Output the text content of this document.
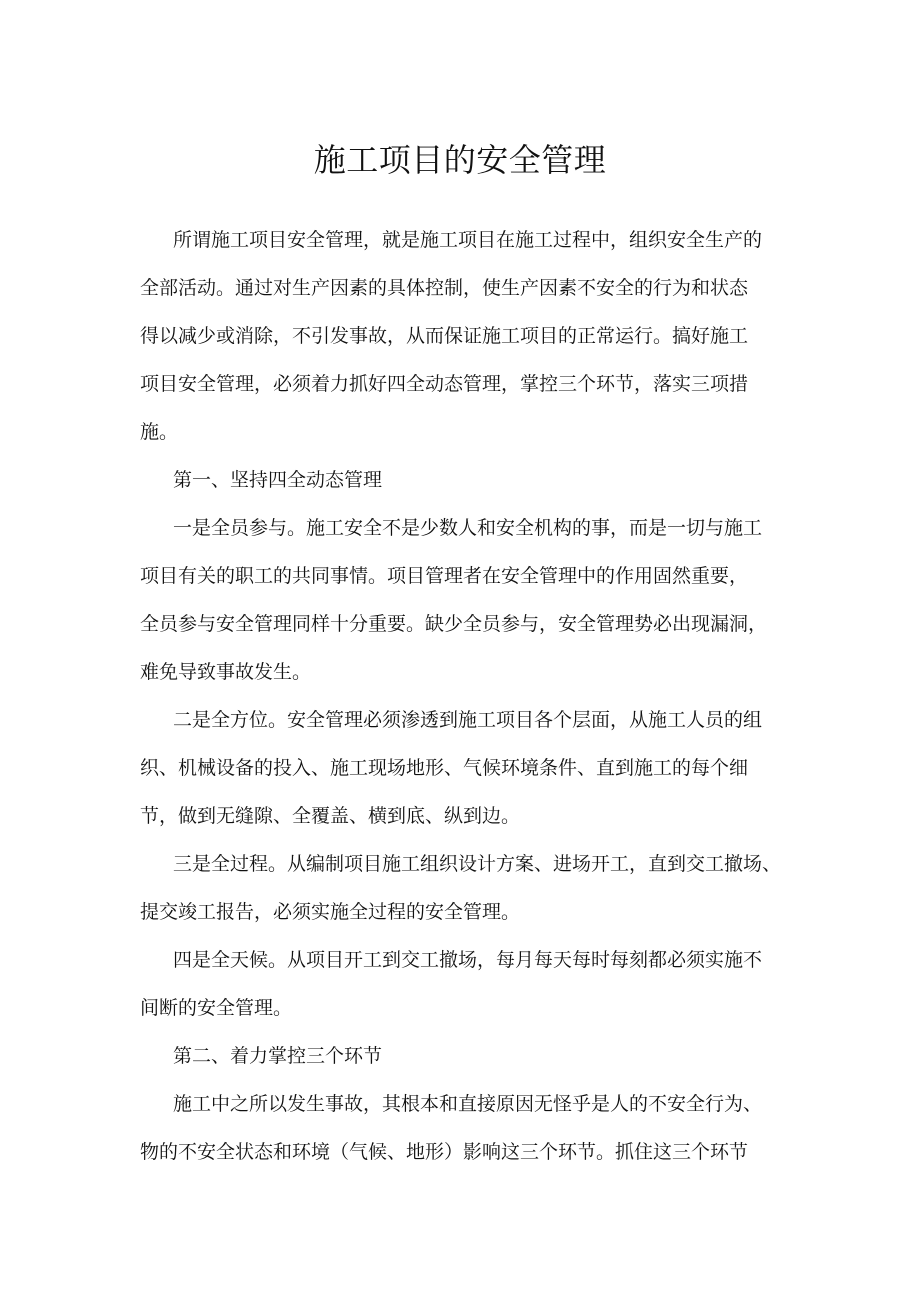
施工项目的安全管理

所谓施工项目安全管理，就是施工项目在施工过程中，组织安全生产的
全部活动。通过对生产因素的具体控制，使生产因素不安全的行为和状态
得以减少或消除，不引发事故，从而保证施工项目的正常运行。搞好施工
项目安全管理，必须着力抓好四全动态管理，掌控三个环节，落实三项措
施。

第一、坚持四全动态管理

一是全员参与。施工安全不是少数人和安全机构的事，而是一切与施工
项目有关的职工的共同事情。项目管理者在安全管理中的作用固然重要，
全员参与安全管理同样十分重要。缺少全员参与，安全管理势必出现漏洞，
难免导致事故发生。

二是全方位。安全管理必须渗透到施工项目各个层面，从施工人员的组
织、机械设备的投入、施工现场地形、气候环境条件、直到施工的每个细
节，做到无缝隙、全覆盖、横到底、纵到边。

三是全过程。从编制项目施工组织设计方案、进场开工，直到交工撤场、
提交竣工报告，必须实施全过程的安全管理。

四是全天候。从项目开工到交工撤场，每月每天每时每刻都必须实施不
间断的安全管理。

第二、着力掌控三个环节

施工中之所以发生事故，其根本和直接原因无怪乎是人的不安全行为、
物的不安全状态和环境（气候、地形）影响这三个环节。抓住这三个环节
